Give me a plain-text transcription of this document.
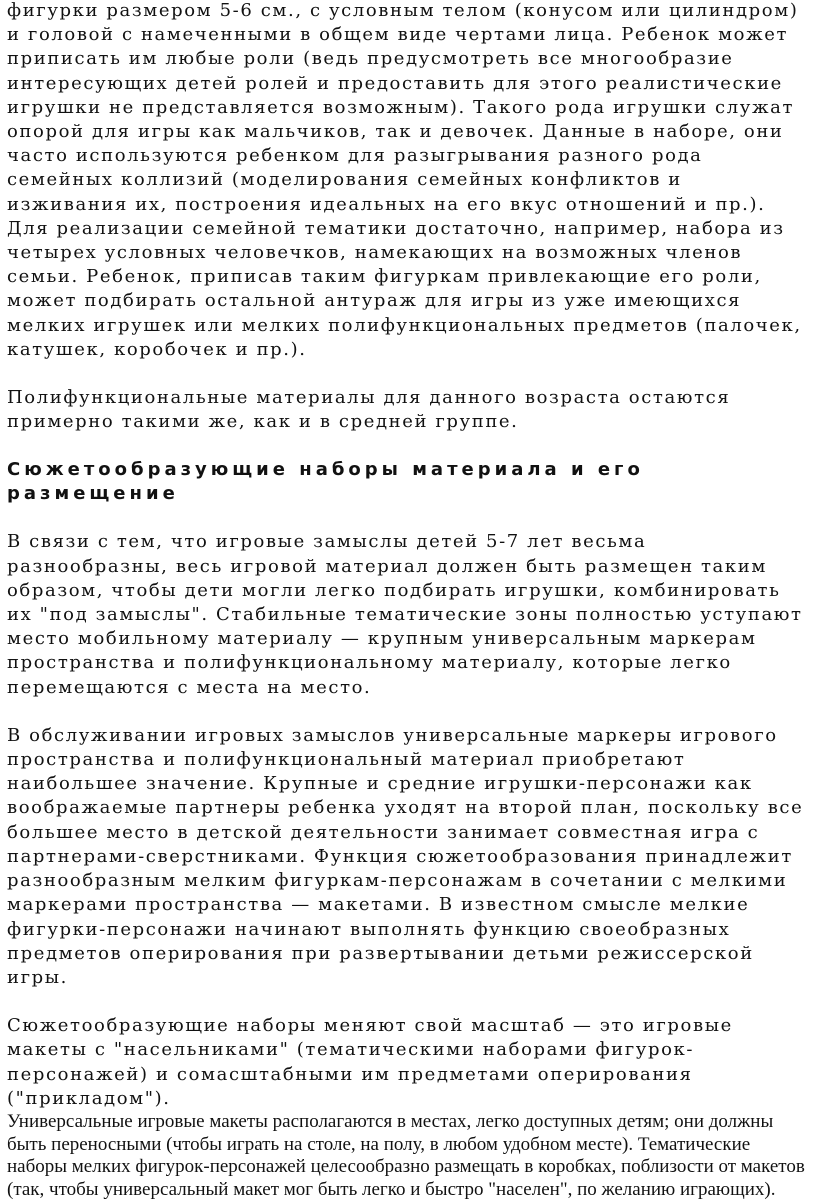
фигурки размером 5-6 см., с условным телом (конусом или цилиндром) и головой с намеченными в общем виде чертами лица. Ребенок может приписать им любые роли (ведь предусмотреть все многообразие интересующих детей ролей и предоставить для этого реалистические игрушки не представляется возможным). Такого рода игрушки служат опорой для игры как мальчиков, так и девочек. Данные в наборе, они часто используются ребенком для разыгрывания разного рода семейных коллизий (моделирования семейных конфликтов и изживания их, построения идеальных на его вкус отношений и пр.). Для реализации семейной тематики достаточно, например, набора из четырех условных человечков, намекающих на возможных членов семьи. Ребенок, приписав таким фигуркам привлекающие его роли, может подбирать остальной антураж для игры из уже имеющихся мелких игрушек или мелких полифункциональных предметов (палочек, катушек, коробочек и пр.).

Полифункциональные материалы для данного возраста остаются примерно такими же, как и в средней группе.

Сюжетообразующие наборы материала и его размещение

В связи с тем, что игровые замыслы детей 5-7 лет весьма разнообразны, весь игровой материал должен быть размещен таким образом, чтобы дети могли легко подбирать игрушки, комбинировать их "под замыслы". Стабильные тематические зоны полностью уступают место мобильному материалу — крупным универсальным маркерам пространства и полифункциональному материалу, которые легко перемещаются с места на место.

В обслуживании игровых замыслов универсальные маркеры игрового пространства и полифункциональный материал приобретают наибольшее значение. Крупные и средние игрушки-персонажи как воображаемые партнеры ребенка уходят на второй план, поскольку все большее место в детской деятельности занимает совместная игра с партнерами-сверстниками. Функция сюжетообразования принадлежит разнообразным мелким фигуркам-персонажам в сочетании с мелкими маркерами пространства — макетами. В известном смысле мелкие фигурки-персонажи начинают выполнять функцию своеобразных предметов оперирования при развертывании детьми режиссерской игры.

Сюжетообразующие наборы меняют свой масштаб — это игровые макеты с "насельниками" (тематическими наборами фигурок-персонажей) и сомасштабными им предметами оперирования ("прикладом").

Универсальные игровые макеты располагаются в местах, легко доступных детям; они должны быть переносными (чтобы играть на столе, на полу, в любом удобном месте). Тематические наборы мелких фигурок-персонажей целесообразно размещать в коробках, поблизости от макетов (так, чтобы универсальный макет мог быть легко и быстро "населен", по желанию играющих).
